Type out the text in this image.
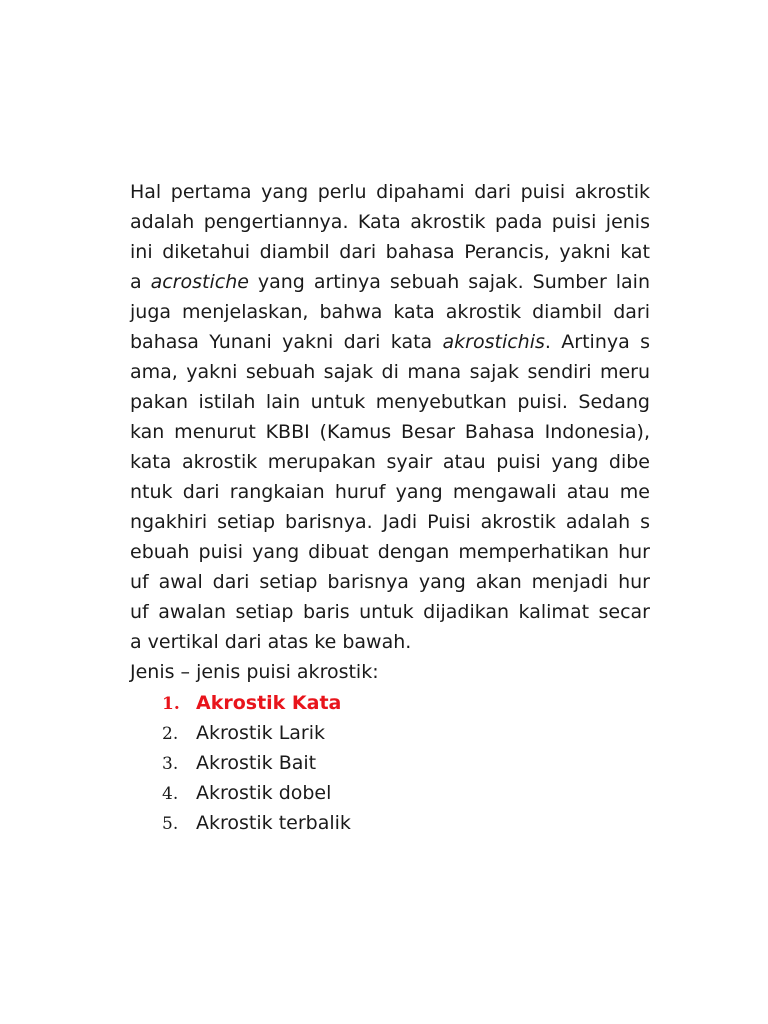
Hal pertama yang perlu dipahami dari puisi akrostik
adalah pengertiannya. Kata akrostik pada puisi jenis
ini diketahui diambil dari bahasa Perancis, yakni kat
a acrostiche yang artinya sebuah sajak. Sumber lain
juga menjelaskan, bahwa kata akrostik diambil dari
bahasa Yunani yakni dari kata akrostichis. Artinya s
ama, yakni sebuah sajak di mana sajak sendiri meru
pakan istilah lain untuk menyebutkan puisi. Sedang
kan menurut KBBI (Kamus Besar Bahasa Indonesia),
kata akrostik merupakan syair atau puisi yang dibe
ntuk dari rangkaian huruf yang mengawali atau me
ngakhiri setiap barisnya. Jadi Puisi akrostik adalah s
ebuah puisi yang dibuat dengan memperhatikan hur
uf awal dari setiap barisnya yang akan menjadi hur
uf awalan setiap baris untuk dijadikan kalimat secar
a vertikal dari atas ke bawah.
Jenis – jenis puisi akrostik:
1. Akrostik Kata
2. Akrostik Larik
3. Akrostik Bait
4. Akrostik dobel
5. Akrostik terbalik
